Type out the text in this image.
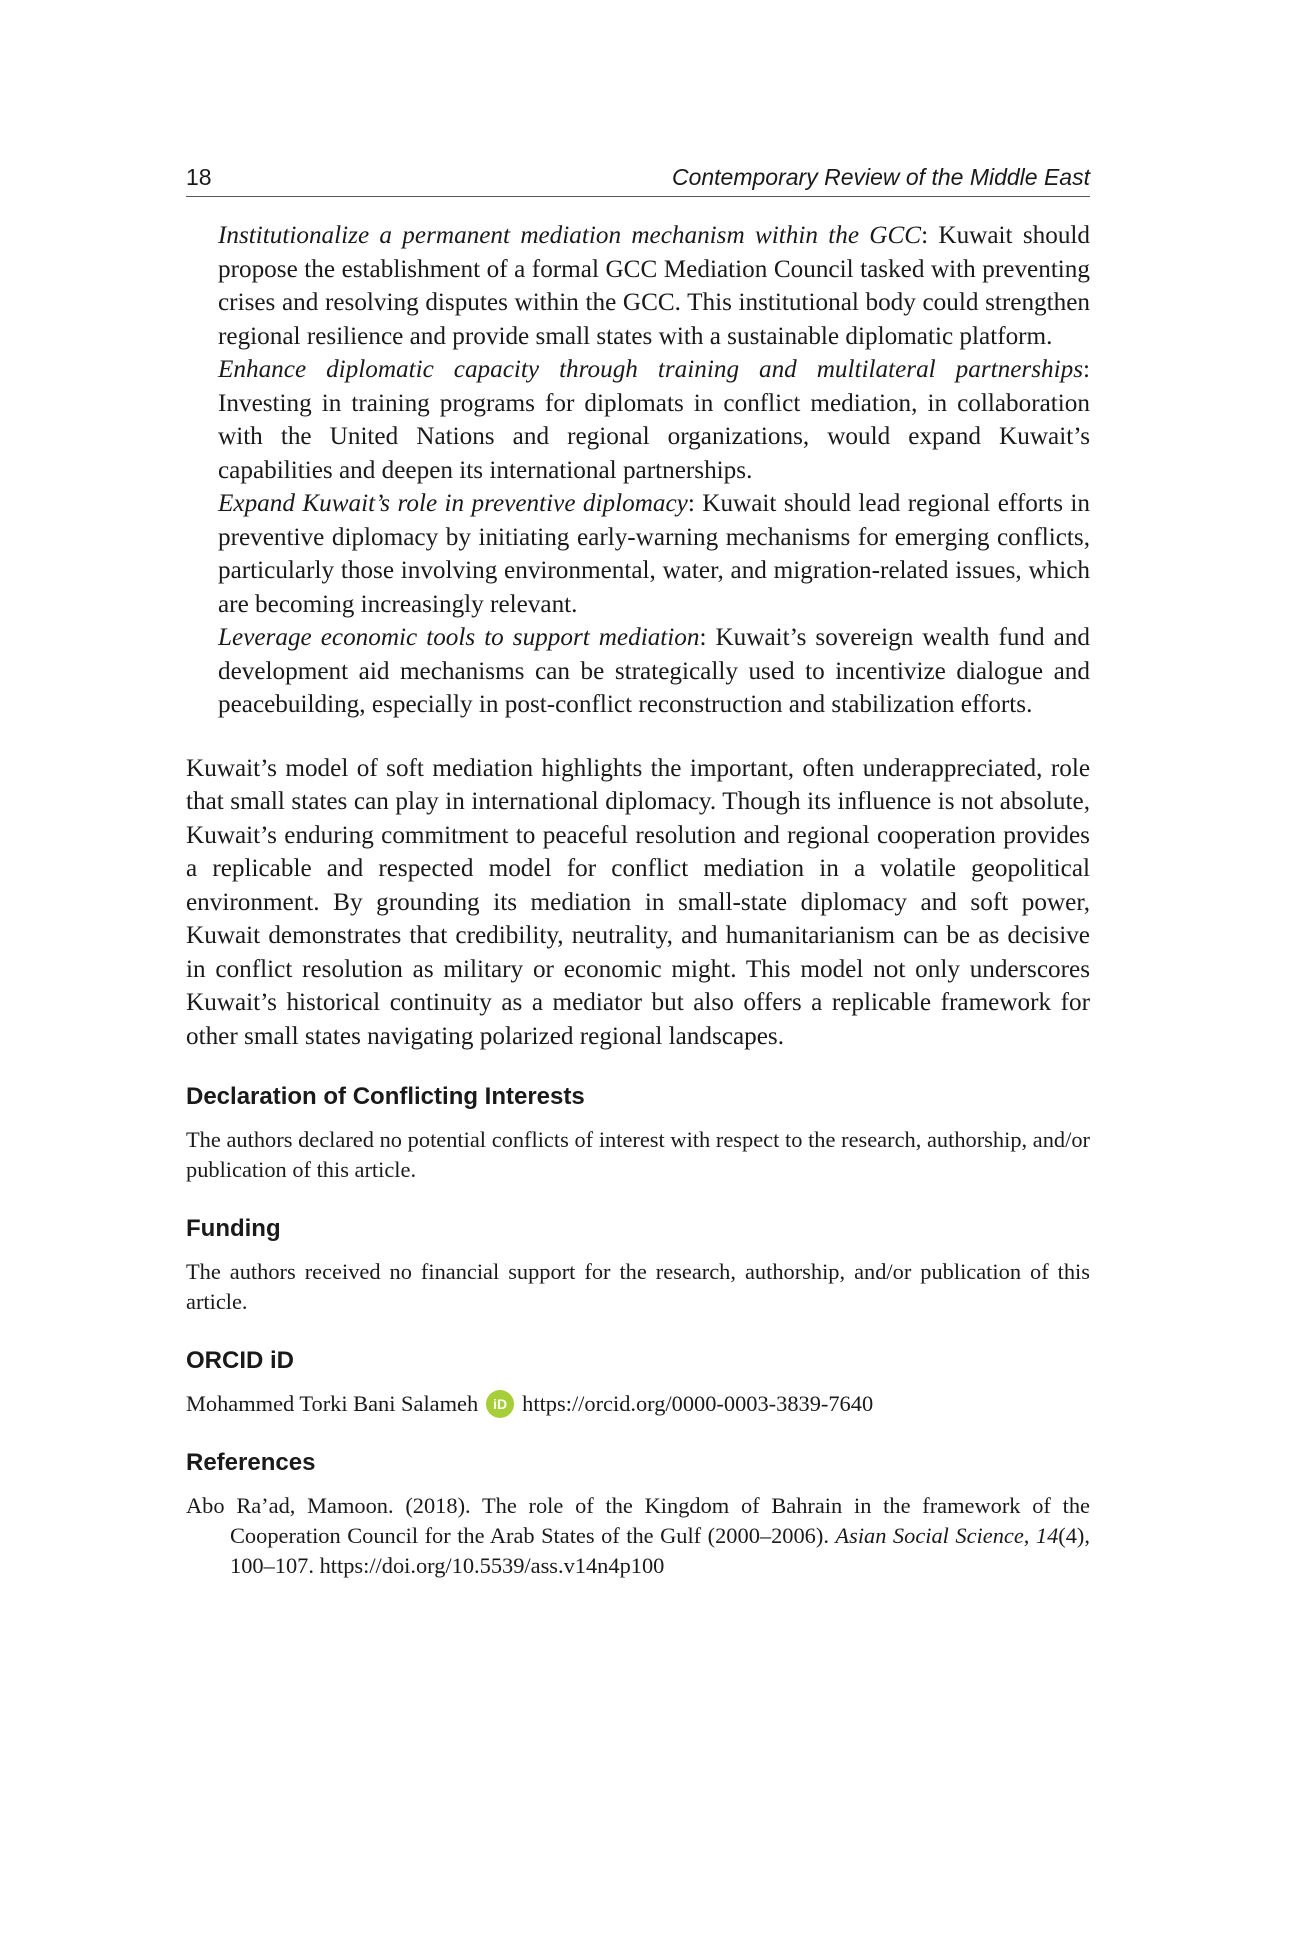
18	Contemporary Review of the Middle East

Institutionalize a permanent mediation mechanism within the GCC: Kuwait should propose the establishment of a formal GCC Mediation Council tasked with preventing crises and resolving disputes within the GCC. This institutional body could strengthen regional resilience and provide small states with a sustainable diplomatic platform.

Enhance diplomatic capacity through training and multilateral partnerships: Investing in training programs for diplomats in conflict mediation, in collaboration with the United Nations and regional organizations, would expand Kuwait’s capabilities and deepen its international partnerships.

Expand Kuwait’s role in preventive diplomacy: Kuwait should lead regional efforts in preventive diplomacy by initiating early-warning mechanisms for emerging conflicts, particularly those involving environmental, water, and migration-related issues, which are becoming increasingly relevant.

Leverage economic tools to support mediation: Kuwait’s sovereign wealth fund and development aid mechanisms can be strategically used to incentivize dialogue and peacebuilding, especially in post-conflict reconstruction and stabilization efforts.

Kuwait’s model of soft mediation highlights the important, often underappreciated, role that small states can play in international diplomacy. Though its influence is not absolute, Kuwait’s enduring commitment to peaceful resolution and regional cooperation provides a replicable and respected model for conflict mediation in a volatile geopolitical environment. By grounding its mediation in small-state diplomacy and soft power, Kuwait demonstrates that credibility, neutrality, and humanitarianism can be as decisive in conflict resolution as military or economic might. This model not only underscores Kuwait’s historical continuity as a mediator but also offers a replicable framework for other small states navigating polarized regional landscapes.

Declaration of Conflicting Interests

The authors declared no potential conflicts of interest with respect to the research, authorship, and/or publication of this article.

Funding

The authors received no financial support for the research, authorship, and/or publication of this article.

ORCID iD
Mohammed Torki Bani Salameh	iD https://orcid.org/0000-0003-3839-7640
References

Abo Ra’ad, Mamoon. (2018). The role of the Kingdom of Bahrain in the framework of the Cooperation Council for the Arab States of the Gulf (2000–2006). Asian Social Science, 14(4), 100–107. https://doi.org/10.5539/ass.v14n4p100
